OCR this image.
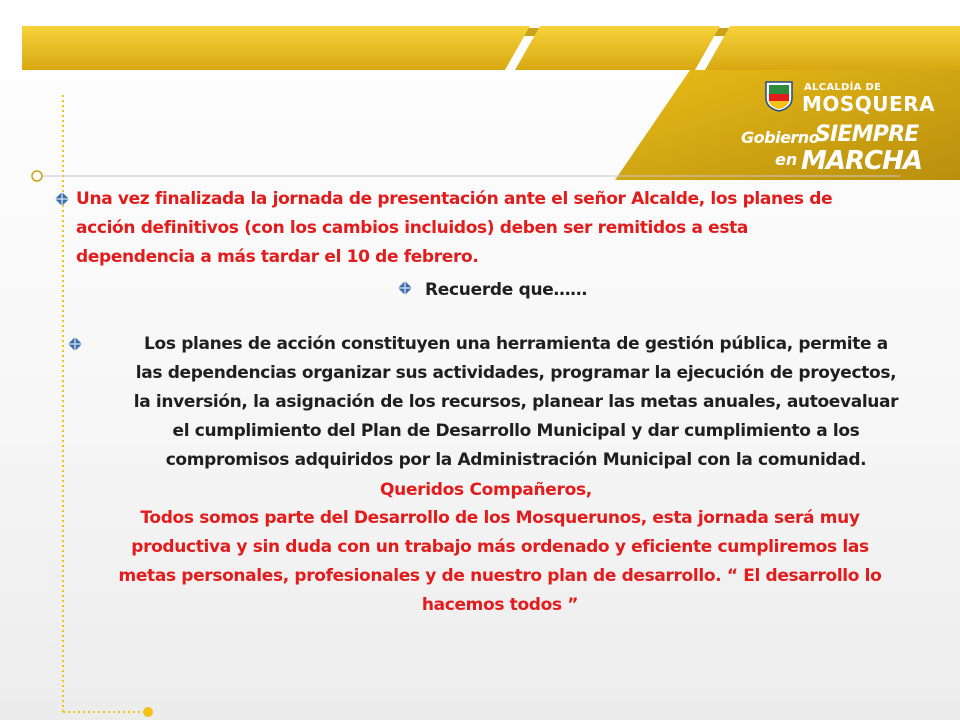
ALCALDÍA DE
MOSQUERA
Gobierno
SIEMPRE
en MARCHA
Una vez finalizada la jornada de presentación ante el señor Alcalde, los planes de
acción definitivos (con los cambios incluidos) deben ser remitidos a esta
dependencia a más tardar el 10 de febrero.
Recuerde que……
Los planes de acción constituyen una herramienta de gestión pública, permite a
las dependencias organizar sus actividades, programar la ejecución de proyectos,
la inversión, la asignación de los recursos, planear las metas anuales, autoevaluar
el cumplimiento del Plan de Desarrollo Municipal y dar cumplimiento a los
compromisos adquiridos por la Administración Municipal con la comunidad.
Queridos Compañeros,
Todos somos parte del Desarrollo de los Mosquerunos, esta jornada será muy
productiva y sin duda con un trabajo más ordenado y eficiente cumpliremos las
metas personales, profesionales y de nuestro plan de desarrollo. “ El desarrollo lo
hacemos todos ”
